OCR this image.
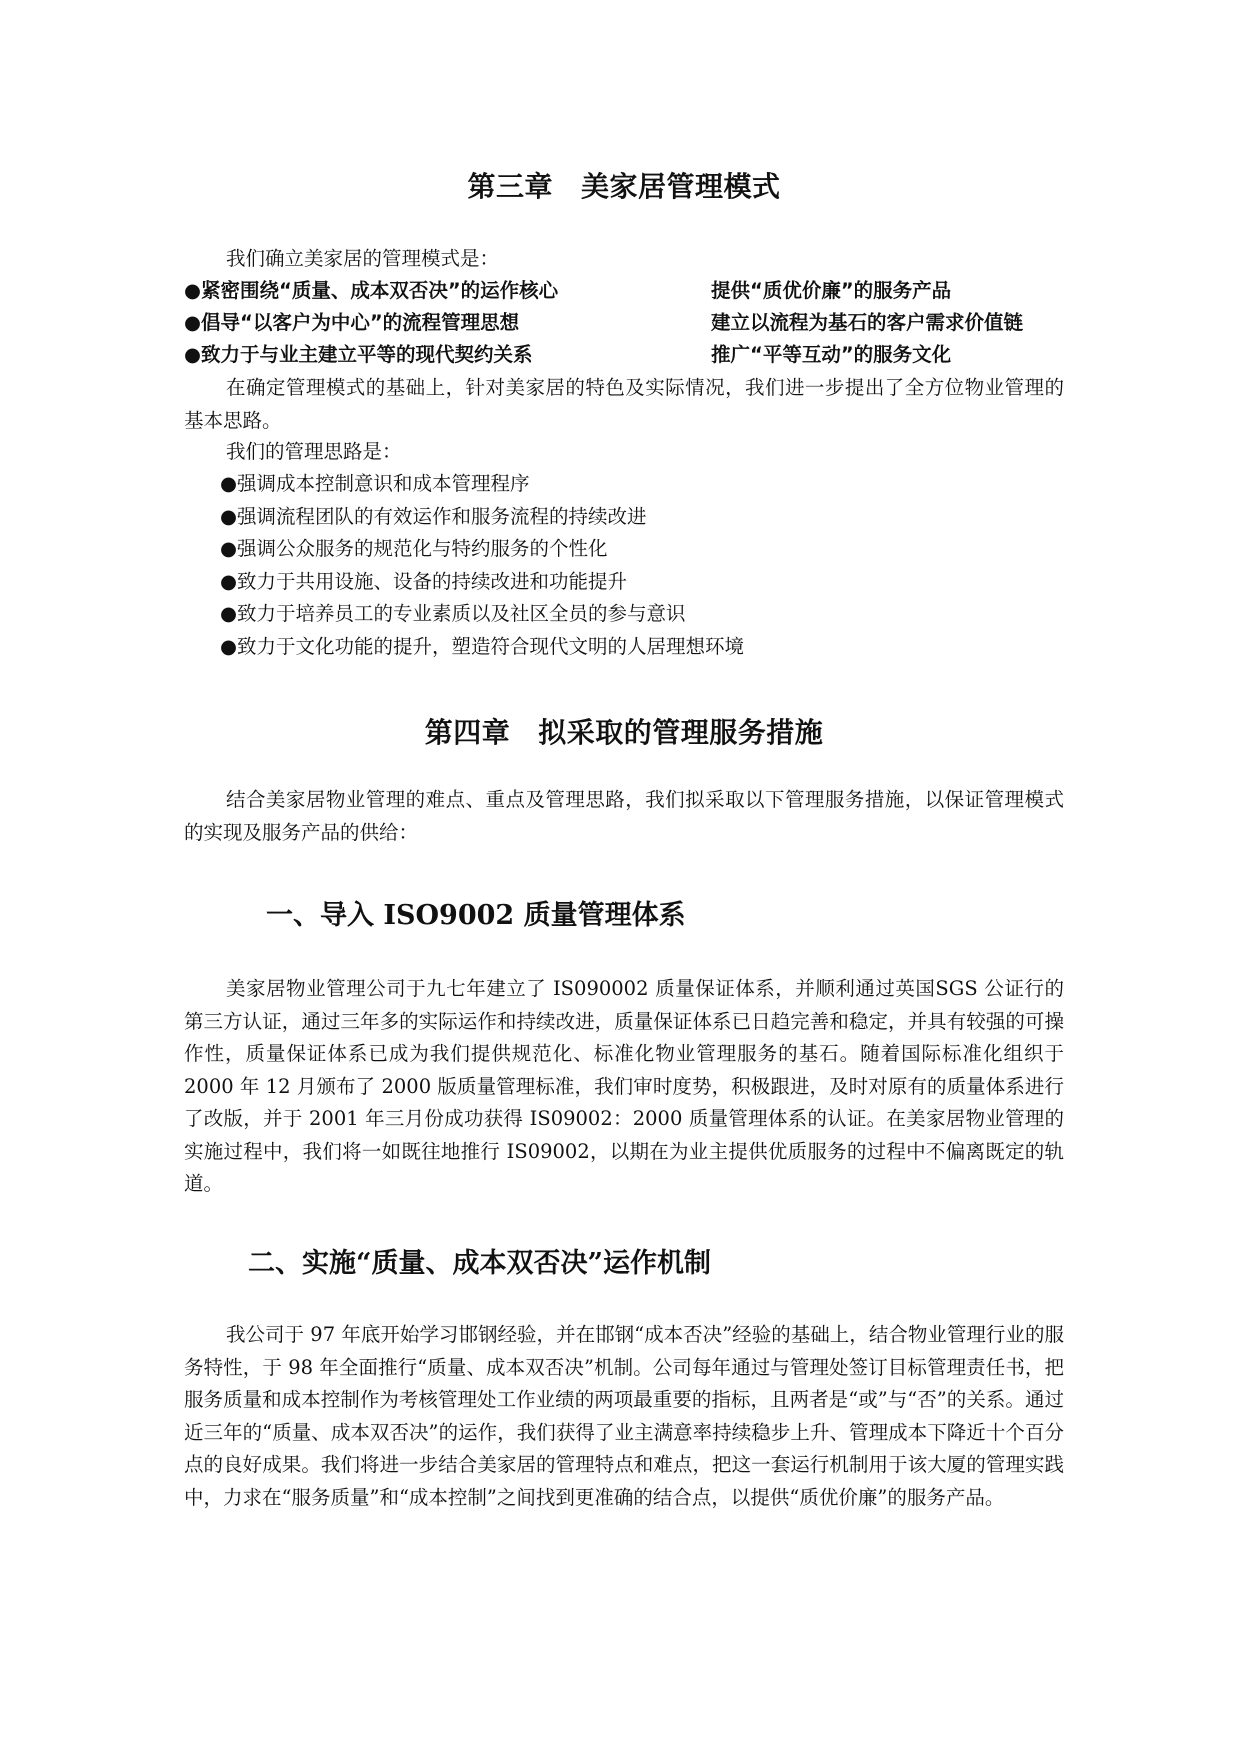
第三章 美家居管理模式
我们确立美家居的管理模式是：
●紧密围绕“质量、成本双否决”的运作核心	提供“质优价廉”的服务产品
●倡导“以客户为中心”的流程管理思想	建立以流程为基石的客户需求价值链
●致力于与业主建立平等的现代契约关系	推广“平等互动”的服务文化

在确定管理模式的基础上，针对美家居的特色及实际情况，我们进一步提出了全方位物业管理的基本思路。

我们的管理思路是：
●强调成本控制意识和成本管理程序
●强调流程团队的有效运作和服务流程的持续改进
●强调公众服务的规范化与特约服务的个性化
●致力于共用设施、设备的持续改进和功能提升
●致力于培养员工的专业素质以及社区全员的参与意识
●致力于文化功能的提升，塑造符合现代文明的人居理想环境
第四章 拟采取的管理服务措施

结合美家居物业管理的难点、重点及管理思路，我们拟采取以下管理服务措施，以保证管理模式的实现及服务产品的供给：

一、导入 ISO9002 质量管理体系

美家居物业管理公司于九七年建立了 IS090002 质量保证体系，并顺利通过英国SGS 公证行的第三方认证，通过三年多的实际运作和持续改进，质量保证体系已日趋完善和稳定，并具有较强的可操作性，质量保证体系已成为我们提供规范化、标准化物业管理服务的基石。随着国际标准化组织于 2000 年 12 月颁布了 2000 版质量管理标准，我们审时度势，积极跟进，及时对原有的质量体系进行了改版，并于 2001 年三月份成功获得 IS09002：2000 质量管理体系的认证。在美家居物业管理的实施过程中，我们将一如既往地推行 IS09002，以期在为业主提供优质服务的过程中不偏离既定的轨道。

二、实施“质量、成本双否决”运作机制

我公司于 97 年底开始学习邯钢经验，并在邯钢“成本否决”经验的基础上，结合物业管理行业的服务特性，于 98 年全面推行“质量、成本双否决”机制。公司每年通过与管理处签订目标管理责任书，把服务质量和成本控制作为考核管理处工作业绩的两项最重要的指标，且两者是“或”与“否”的关系。通过近三年的“质量、成本双否决”的运作，我们获得了业主满意率持续稳步上升、管理成本下降近十个百分点的良好成果。我们将进一步结合美家居的管理特点和难点，把这一套运行机制用于该大厦的管理实践中，力求在“服务质量”和“成本控制”之间找到更准确的结合点，以提供“质优价廉”的服务产品。
